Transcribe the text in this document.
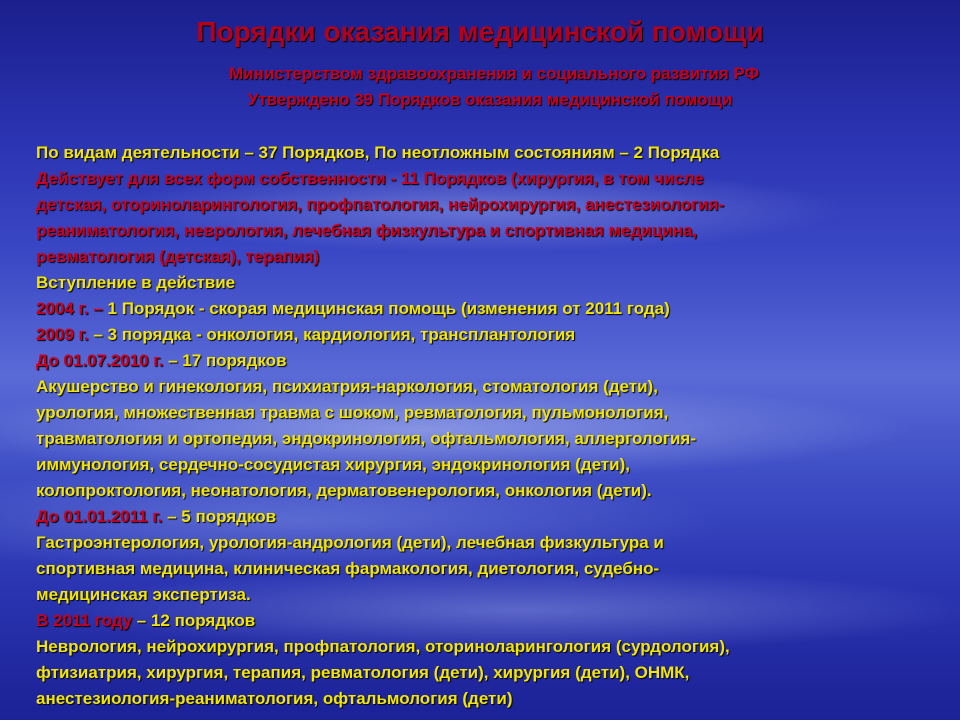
Порядки оказания медицинской помощи
Министерством здравоохранения и социального развития РФ
Утверждено 39 Порядков оказания медицинской помощи
По видам деятельности – 37 Порядков, По неотложным состояниям – 2 Порядка
Действует для всех форм собственности - 11 Порядков (хирургия, в том числе
детская, оториноларингология, профпатология, нейрохирургия, анестезиология-
реаниматология, неврология, лечебная физкультура и спортивная медицина,
ревматология (детская), терапия)
Вступление в действие
2004 г. – 1 Порядок - скорая медицинская помощь (изменения от 2011 года)
2009 г. – 3 порядка - онкология, кардиология, трансплантология
До 01.07.2010 г. – 17 порядков
Акушерство и гинекология, психиатрия-наркология, стоматология (дети),
урология, множественная травма с шоком, ревматология, пульмонология,
травматология и ортопедия, эндокринология, офтальмология, аллергология-
иммунология, сердечно-сосудистая хирургия, эндокринология (дети),
колопроктология, неонатология, дерматовенерология, онкология (дети).
До 01.01.2011 г. – 5 порядков
Гастроэнтерология, урология-андрология (дети), лечебная физкультура и
спортивная медицина, клиническая фармакология, диетология, судебно-
медицинская экспертиза.
В 2011 году – 12 порядков
Неврология, нейрохирургия, профпатология, оториноларингология (сурдология),
фтизиатрия, хирургия, терапия, ревматология (дети), хирургия (дети), ОНМК,
анестезиология-реаниматология, офтальмология (дети)
